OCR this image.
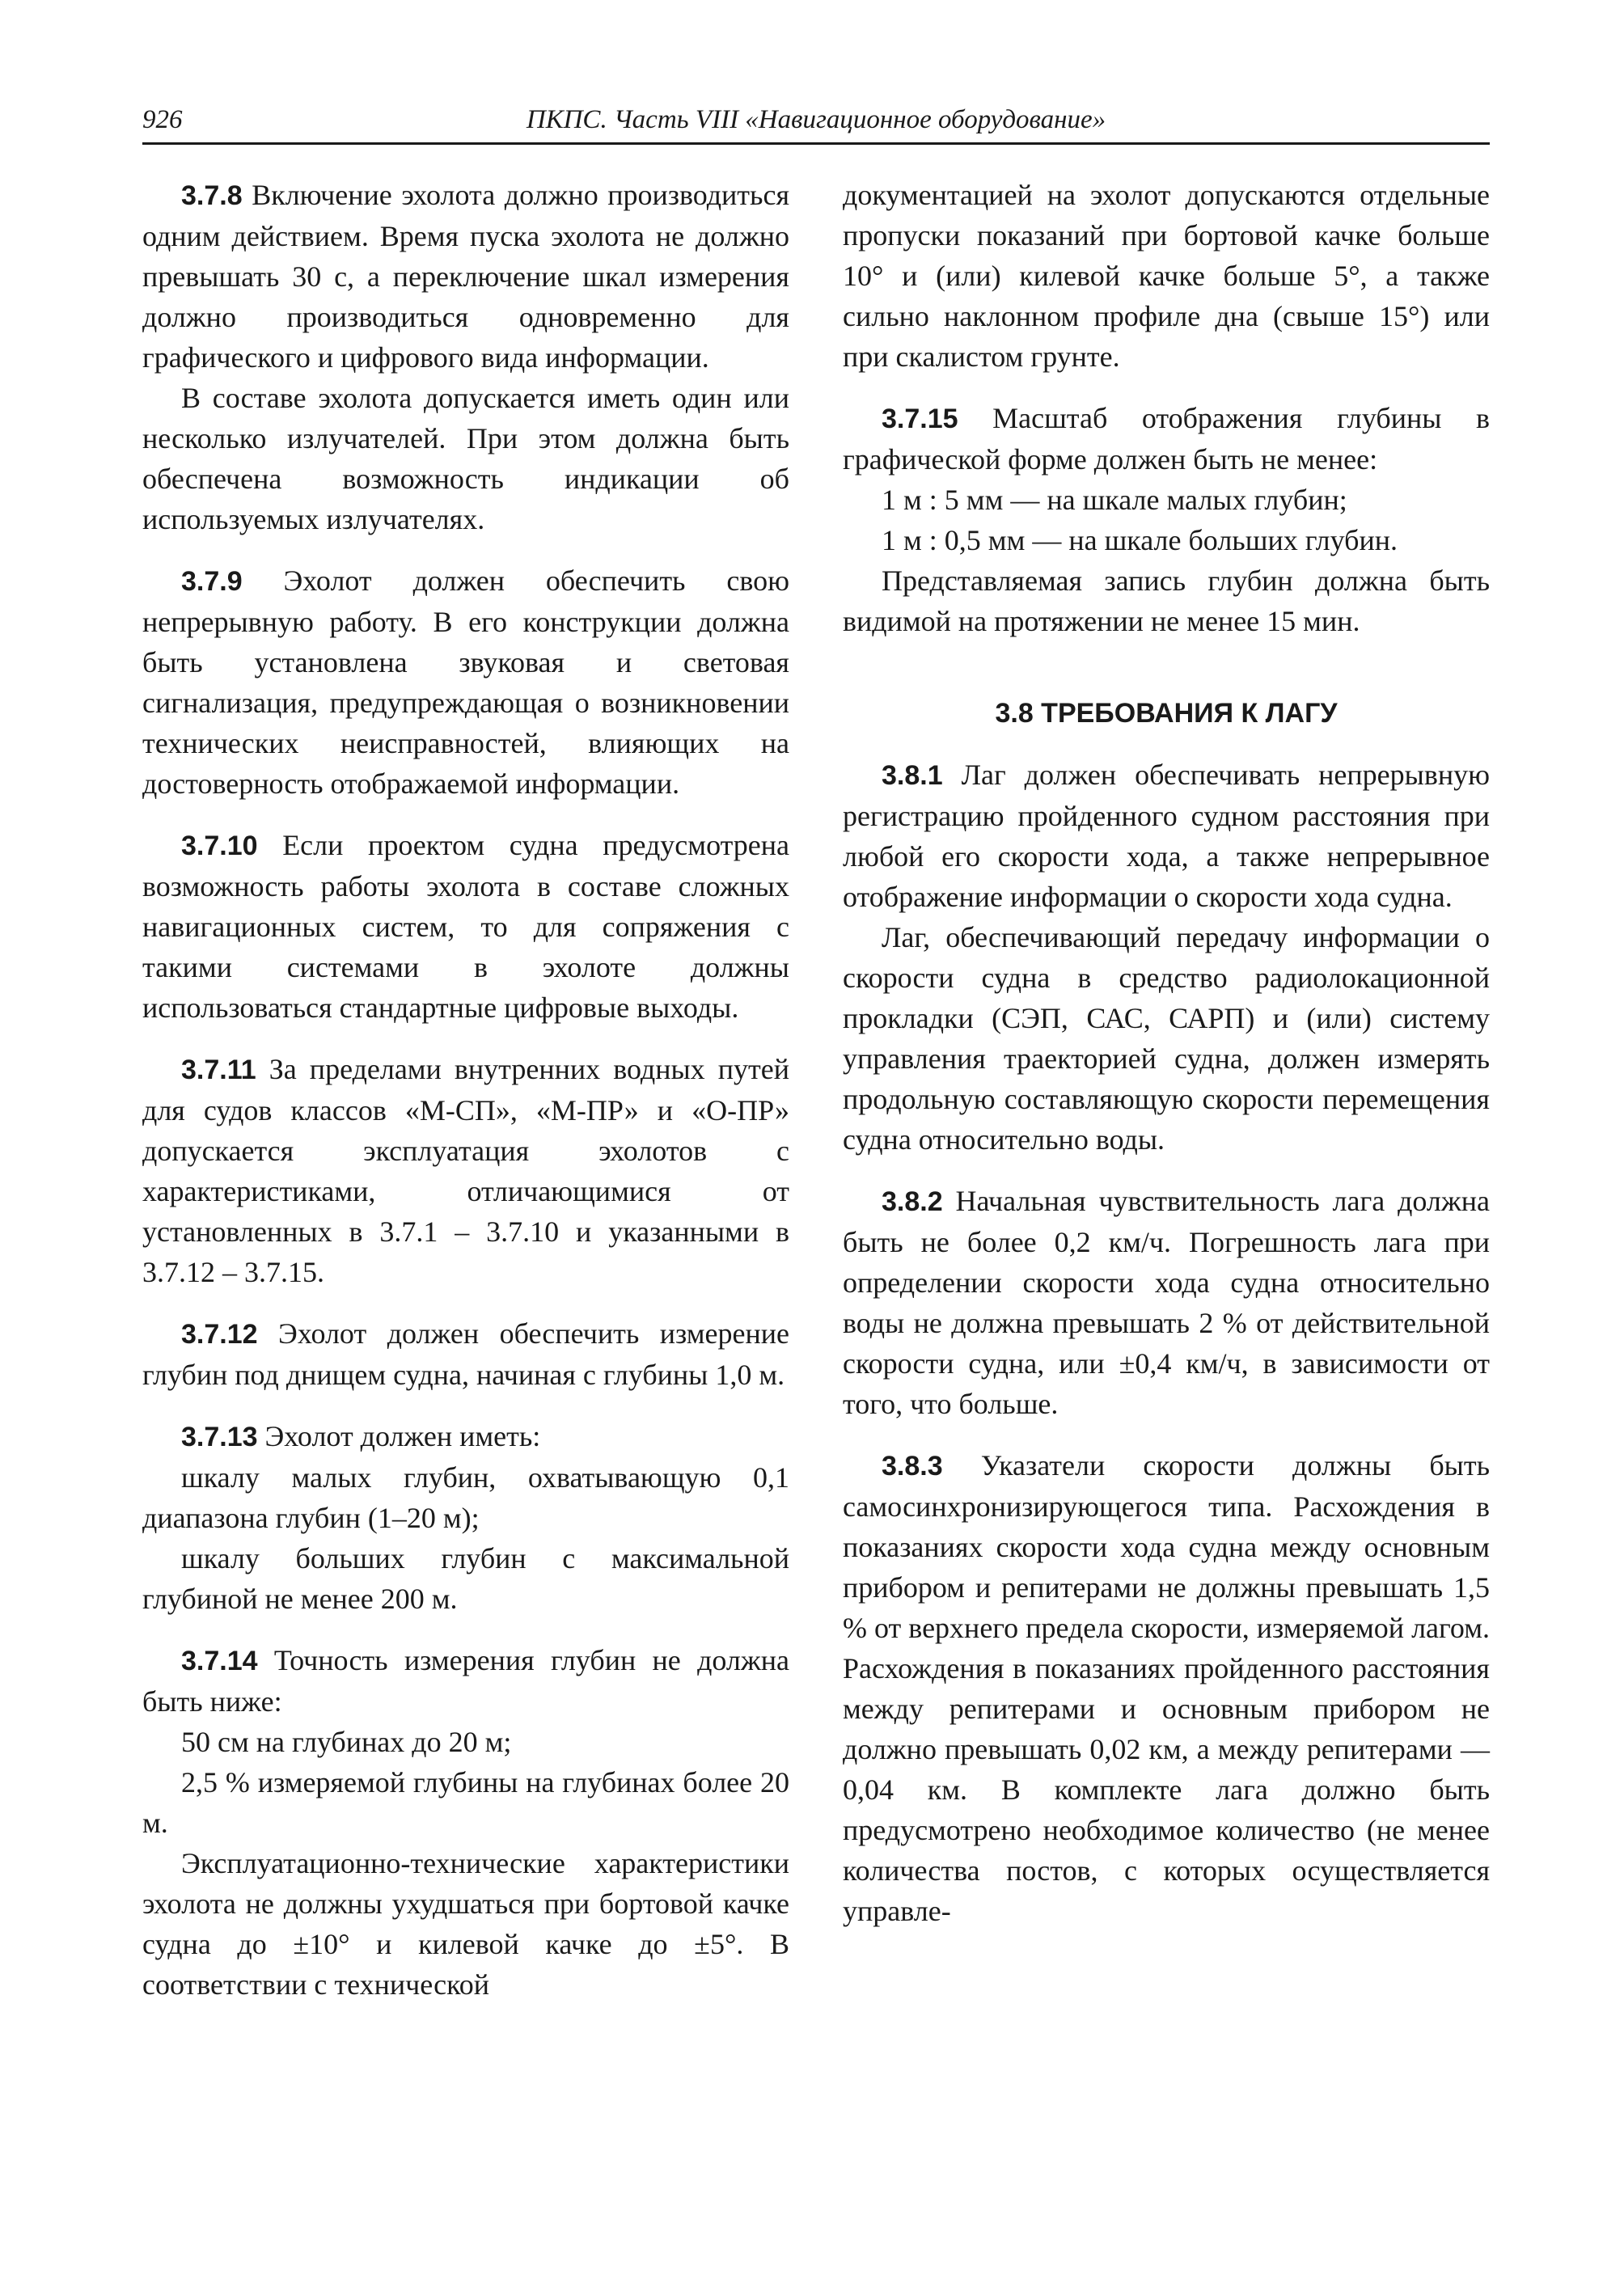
926	ПКПС. Часть VIII «Навигационное оборудование»

3.7.8 Включение эхолота должно производиться одним действием. Время пуска эхолота не должно превышать 30 с, а переключение шкал измерения должно производиться одновременно для графического и цифрового вида информации.

В составе эхолота допускается иметь один или несколько излучателей. При этом должна быть обеспечена возможность индикации об используемых излучателях.

3.7.9 Эхолот должен обеспечить свою непрерывную работу. В его конструкции должна быть установлена звуковая и световая сигнализация, предупреждающая о возникновении технических неисправностей, влияющих на достоверность отображаемой информации.

3.7.10 Если проектом судна предусмотрена возможность работы эхолота в составе сложных навигационных систем, то для сопряжения с такими системами в эхолоте должны использоваться стандартные цифровые выходы.

3.7.11 За пределами внутренних водных путей для судов классов «М-СП», «М-ПР» и «О-ПР» допускается эксплуатация эхолотов с характеристиками, отличающимися от установленных в 3.7.1 – 3.7.10 и указанными в 3.7.12 – 3.7.15.

3.7.12 Эхолот должен обеспечить измерение глубин под днищем судна, начиная с глубины 1,0 м.

3.7.13 Эхолот должен иметь:

шкалу малых глубин, охватывающую 0,1 диапазона глубин (1–20 м);

шкалу больших глубин с максимальной глубиной не менее 200 м.

3.7.14 Точность измерения глубин не должна быть ниже:

50 см на глубинах до 20 м;

2,5 % измеряемой глубины на глубинах более 20 м.

Эксплуатационно-технические характеристики эхолота не должны ухудшаться при бортовой качке судна до ±10° и килевой качке до ±5°. В соответствии с технической

документацией на эхолот допускаются отдельные пропуски показаний при бортовой качке больше 10° и (или) килевой качке больше 5°, а также сильно наклонном профиле дна (свыше 15°) или при скалистом грунте.

3.7.15 Масштаб отображения глубины в графической форме должен быть не менее:

1 м : 5 мм — на шкале малых глубин;

1 м : 0,5 мм — на шкале больших глубин.

Представляемая запись глубин должна быть видимой на протяжении не менее 15 мин.

3.8 ТРЕБОВАНИЯ К ЛАГУ

3.8.1 Лаг должен обеспечивать непрерывную регистрацию пройденного судном расстояния при любой его скорости хода, а также непрерывное отображение информации о скорости хода судна.

Лаг, обеспечивающий передачу информации о скорости судна в средство радиолокационной прокладки (СЭП, САС, САРП) и (или) систему управления траекторией судна, должен измерять продольную составляющую скорости перемещения судна относительно воды.

3.8.2 Начальная чувствительность лага должна быть не более 0,2 км/ч. Погрешность лага при определении скорости хода судна относительно воды не должна превышать 2 % от действительной скорости судна, или ±0,4 км/ч, в зависимости от того, что больше.

3.8.3 Указатели скорости должны быть самосинхронизирующегося типа. Расхождения в показаниях скорости хода судна между основным прибором и репитерами не должны превышать 1,5 % от верхнего предела скорости, измеряемой лагом. Расхождения в показаниях пройденного расстояния между репитерами и основным прибором не должно превышать 0,02 км, а между репитерами — 0,04 км. В комплекте лага должно быть предусмотрено необходимое количество (не менее количества постов, с которых осуществляется управле-
